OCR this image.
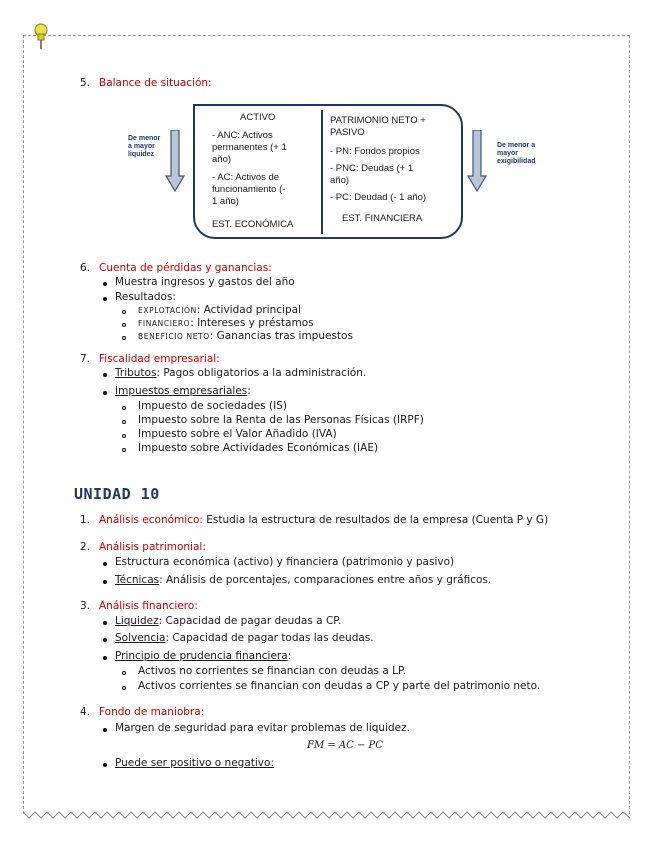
5. Balance de situación:
De menor
a mayor
liquidez
ACTIVO
- ANC: Activos
permanentes (+ 1
año)
- AC: Activos de
funcionamiento (-
1 año)
EST. ECONÓMICA
PATRIMONIO NETO +
PASIVO
- PN: Fondos propios
- PNC: Deudas (+ 1
año)
- PC: Deudad (- 1 año)
EST. FINANCIERA
De menor a
mayor
exigibilidad
6. Cuenta de pérdidas y ganancias:
Muestra ingresos y gastos del año
Resultados:
EXPLOTACIÓN: Actividad principal
FINANCIERO: Intereses y préstamos
BENEFICIO NETO: Ganancias tras impuestos
7. Fiscalidad empresarial:
Tributos: Pagos obligatorios a la administración.
Impuestos empresariales:
Impuesto de sociedades (IS)
Impuesto sobre la Renta de las Personas Físicas (IRPF)
Impuesto sobre el Valor Añadido (IVA)
Impuesto sobre Actividades Económicas (IAE)
UNIDAD 10
1. Análisis económico: Estudia la estructura de resultados de la empresa (Cuenta P y G)
2. Análisis patrimonial:
Estructura económica (activo) y financiera (patrimonio y pasivo)
Técnicas: Análisis de porcentajes, comparaciones entre años y gráficos.
3. Análisis financiero:
Liquidez: Capacidad de pagar deudas a CP.
Solvencia: Capacidad de pagar todas las deudas.
Principio de prudencia financiera:
Activos no corrientes se financian con deudas a LP.
Activos corrientes se financian con deudas a CP y parte del patrimonio neto.
4. Fondo de maniobra:
Margen de seguridad para evitar problemas de liquidez.
FM = AC − PC
Puede ser positivo o negativo:
